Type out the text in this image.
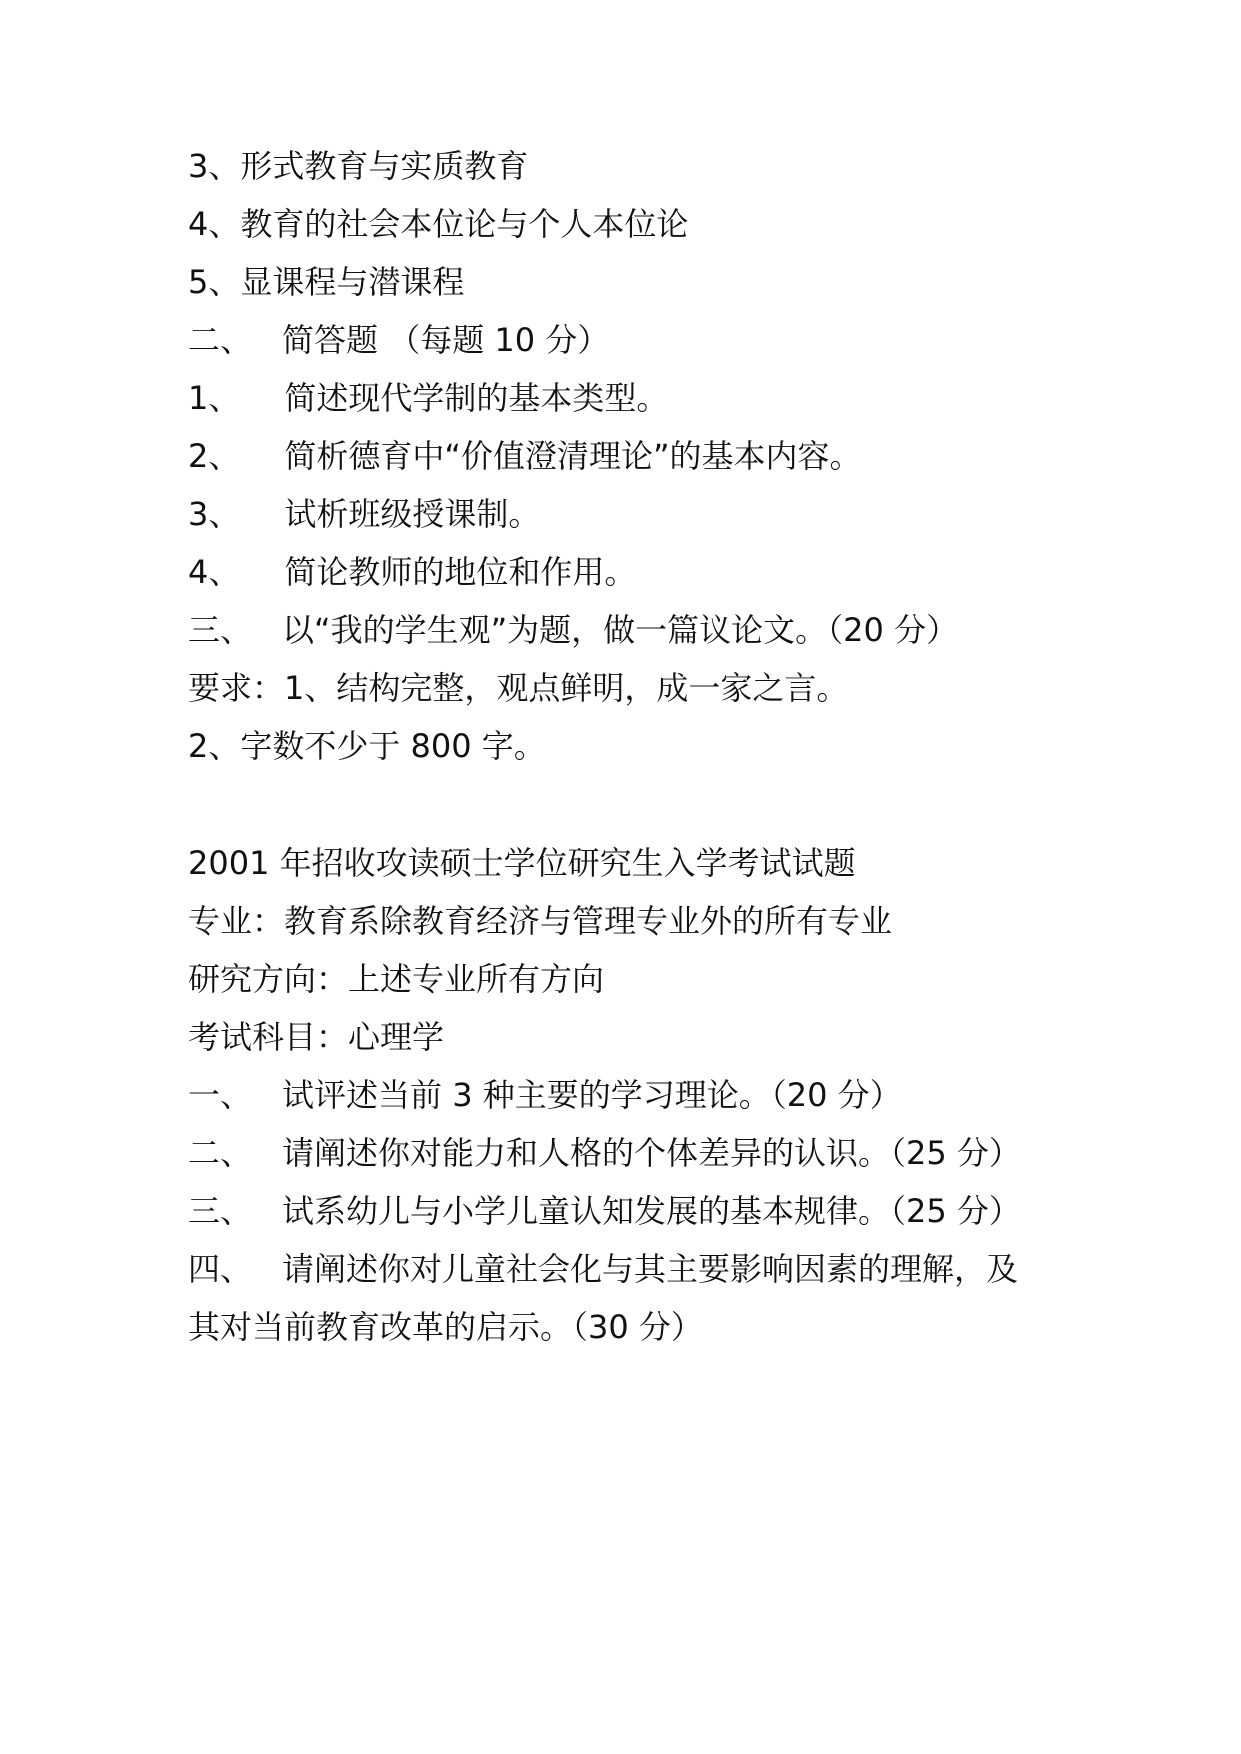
3、形式教育与实质教育
4、教育的社会本位论与个人本位论
5、显课程与潜课程
二、 简答题 （每题 10 分）
1、 简述现代学制的基本类型。
2、 简析德育中“价值澄清理论”的基本内容。
3、 试析班级授课制。
4、 简论教师的地位和作用。
三、 以“我的学生观”为题，做一篇议论文。（20 分）
要求：1、结构完整，观点鲜明，成一家之言。
2、字数不少于 800 字。
2001 年招收攻读硕士学位研究生入学考试试题
专业：教育系除教育经济与管理专业外的所有专业
研究方向：上述专业所有方向
考试科目：心理学
一、 试评述当前 3 种主要的学习理论。（20 分）
二、 请阐述你对能力和人格的个体差异的认识。（25 分）
三、 试系幼儿与小学儿童认知发展的基本规律。（25 分）
四、 请阐述你对儿童社会化与其主要影响因素的理解，及
其对当前教育改革的启示。（30 分）
